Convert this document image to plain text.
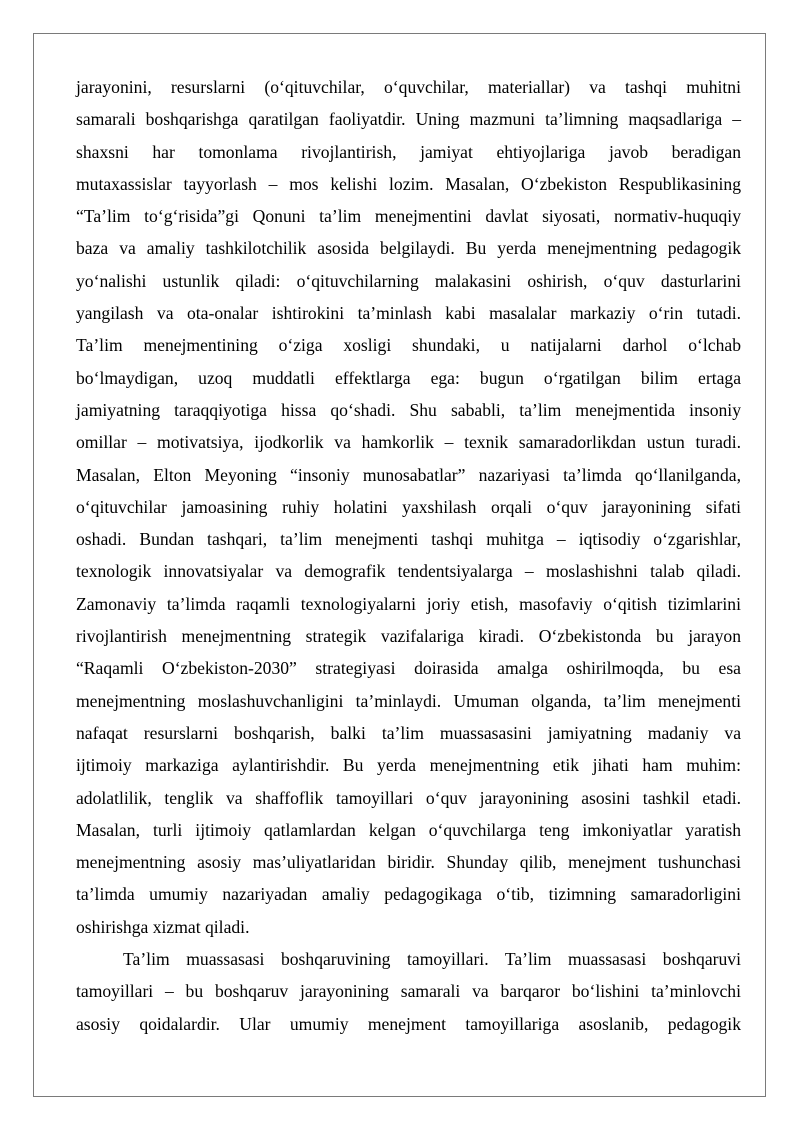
jarayonini, resurslarni (o‘qituvchilar, o‘quvchilar, materiallar) va tashqi muhitni
samarali boshqarishga qaratilgan faoliyatdir. Uning mazmuni ta’limning maqsadlariga –
shaxsni har tomonlama rivojlantirish, jamiyat ehtiyojlariga javob beradigan
mutaxassislar tayyorlash – mos kelishi lozim. Masalan, O‘zbekiston Respublikasining
“Ta’lim to‘g‘risida”gi Qonuni ta’lim menejmentini davlat siyosati, normativ-huquqiy
baza va amaliy tashkilotchilik asosida belgilaydi. Bu yerda menejmentning pedagogik
yo‘nalishi ustunlik qiladi: o‘qituvchilarning malakasini oshirish, o‘quv dasturlarini
yangilash va ota-onalar ishtirokini ta’minlash kabi masalalar markaziy o‘rin tutadi.
Ta’lim menejmentining o‘ziga xosligi shundaki, u natijalarni darhol o‘lchab
bo‘lmaydigan, uzoq muddatli effektlarga ega: bugun o‘rgatilgan bilim ertaga
jamiyatning taraqqiyotiga hissa qo‘shadi. Shu sababli, ta’lim menejmentida insoniy
omillar – motivatsiya, ijodkorlik va hamkorlik – texnik samaradorlikdan ustun turadi.
Masalan, Elton Meyoning “insoniy munosabatlar” nazariyasi ta’limda qo‘llanilganda,
o‘qituvchilar jamoasining ruhiy holatini yaxshilash orqali o‘quv jarayonining sifati
oshadi. Bundan tashqari, ta’lim menejmenti tashqi muhitga – iqtisodiy o‘zgarishlar,
texnologik innovatsiyalar va demografik tendentsiyalarga – moslashishni talab qiladi.
Zamonaviy ta’limda raqamli texnologiyalarni joriy etish, masofaviy o‘qitish tizimlarini
rivojlantirish menejmentning strategik vazifalariga kiradi. O‘zbekistonda bu jarayon
“Raqamli O‘zbekiston-2030” strategiyasi doirasida amalga oshirilmoqda, bu esa
menejmentning moslashuvchanligini ta’minlaydi. Umuman olganda, ta’lim menejmenti
nafaqat resurslarni boshqarish, balki ta’lim muassasasini jamiyatning madaniy va
ijtimoiy markaziga aylantirishdir. Bu yerda menejmentning etik jihati ham muhim:
adolatlilik, tenglik va shaffoflik tamoyillari o‘quv jarayonining asosini tashkil etadi.
Masalan, turli ijtimoiy qatlamlardan kelgan o‘quvchilarga teng imkoniyatlar yaratish
menejmentning asosiy mas’uliyatlaridan biridir. Shunday qilib, menejment tushunchasi
ta’limda umumiy nazariyadan amaliy pedagogikaga o‘tib, tizimning samaradorligini
oshirishga xizmat qiladi.
Ta’lim muassasasi boshqaruvining tamoyillari. Ta’lim muassasasi boshqaruvi
tamoyillari – bu boshqaruv jarayonining samarali va barqaror bo‘lishini ta’minlovchi
asosiy qoidalardir. Ular umumiy menejment tamoyillariga asoslanib, pedagogik
